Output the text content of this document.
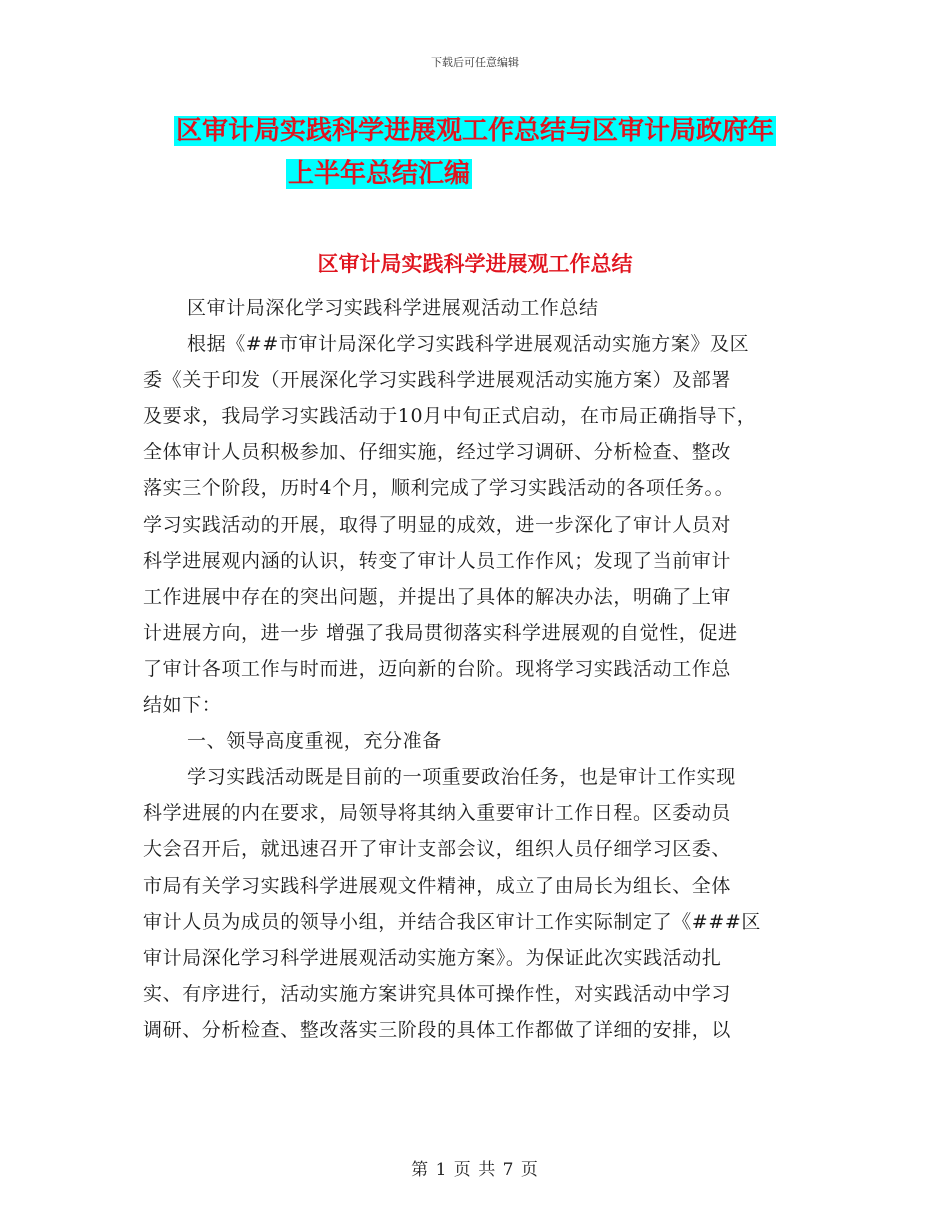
下载后可任意编辑
区审计局实践科学进展观工作总结与区审计局政府年
上半年总结汇编
区审计局实践科学进展观工作总结
区审计局深化学习实践科学进展观活动工作总结
根据《##市审计局深化学习实践科学进展观活动实施方案》及区
委《关于印发（开展深化学习实践科学进展观活动实施方案）及部署
及要求，我局学习实践活动于10月中旬正式启动，在市局正确指导下，
全体审计人员积极参加、仔细实施，经过学习调研、分析检查、整改
落实三个阶段，历时4个月，顺利完成了学习实践活动的各项任务。。
学习实践活动的开展，取得了明显的成效，进一步深化了审计人员对
科学进展观内涵的认识，转变了审计人员工作作风；发现了当前审计
工作进展中存在的突出问题，并提出了具体的解决办法，明确了上审
计进展方向，进一步 增强了我局贯彻落实科学进展观的自觉性，促进
了审计各项工作与时而进，迈向新的台阶。现将学习实践活动工作总
结如下：
一、领导高度重视，充分准备
学习实践活动既是目前的一项重要政治任务，也是审计工作实现
科学进展的内在要求，局领导将其纳入重要审计工作日程。区委动员
大会召开后，就迅速召开了审计支部会议，组织人员仔细学习区委、
市局有关学习实践科学进展观文件精神，成立了由局长为组长、全体
审计人员为成员的领导小组，并结合我区审计工作实际制定了《###区
审计局深化学习科学进展观活动实施方案》。为保证此次实践活动扎
实、有序进行，活动实施方案讲究具体可操作性，对实践活动中学习
调研、分析检查、整改落实三阶段的具体工作都做了详细的安排，以
第 1 页 共 7 页
